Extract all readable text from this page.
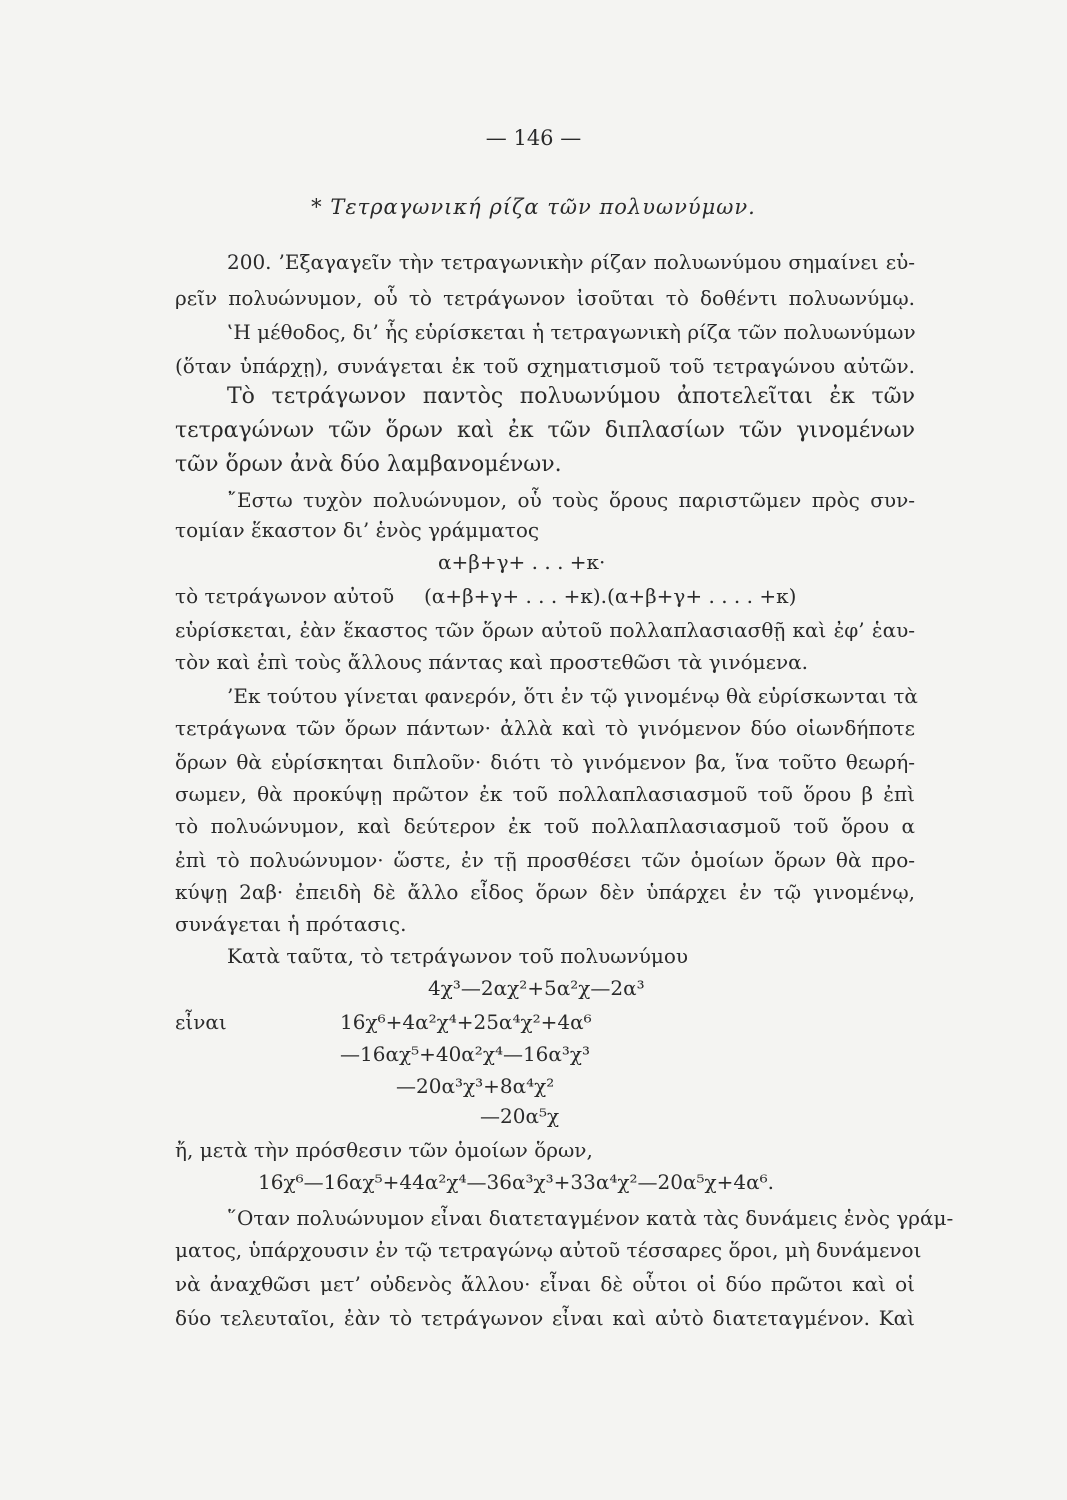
— 146 —
* Τετραγωνική ρίζα τῶν πολυωνύμων.
200. ’Εξαγαγεῖν τὴν τετραγωνικὴν ρίζαν πολυωνύμου σημαίνει εὑ-
ρεῖν πολυώνυμον, οὗ τὸ τετράγωνον ἰσοῦται τὸ δοθέντι πολυωνύμῳ.
‛Η μέθοδος, δι’ ἧς εὑρίσκεται ἡ τετραγωνικὴ ρίζα τῶν πολυωνύμων
(ὅταν ὑπάρχῃ), συνάγεται ἐκ τοῦ σχηματισμοῦ τοῦ τετραγώνου αὐτῶν.
Τὸ τετράγωνον παντὸς πολυωνύμου ἀποτελεῖται ἐκ τῶν
τετραγώνων τῶν ὅρων καὶ ἐκ τῶν διπλασίων τῶν γινομένων
τῶν ὅρων ἀνὰ δύο λαμβανομένων.
῎Εστω τυχὸν πολυώνυμον, οὗ τοὺς ὅρους παριστῶμεν πρὸς συν-
τομίαν ἕκαστον δι’ ἑνὸς γράμματος
α+β+γ+ . . . +κ·
τὸ τετράγωνον αὐτοῦ (α+β+γ+ . . . +κ).(α+β+γ+ . . . . +κ)
εὑρίσκεται, ἐὰν ἕκαστος τῶν ὅρων αὐτοῦ πολλαπλασιασθῇ καὶ ἐφ’ ἑαυ-
τὸν καὶ ἐπὶ τοὺς ἄλλους πάντας καὶ προστεθῶσι τὰ γινόμενα.
’Εκ τούτου γίνεται φανερόν, ὅτι ἐν τῷ γινομένῳ θὰ εὑρίσκωνται τὰ
τετράγωνα τῶν ὅρων πάντων· ἀλλὰ καὶ τὸ γινόμενον δύο οἱωνδήποτε
ὅρων θὰ εὑρίσκηται διπλοῦν· διότι τὸ γινόμενον βα, ἵνα τοῦτο θεωρή-
σωμεν, θὰ προκύψῃ πρῶτον ἐκ τοῦ πολλαπλασιασμοῦ τοῦ ὅρου β ἐπὶ
τὸ πολυώνυμον, καὶ δεύτερον ἐκ τοῦ πολλαπλασιασμοῦ τοῦ ὅρου α
ἐπὶ τὸ πολυώνυμον· ὥστε, ἐν τῇ προσθέσει τῶν ὁμοίων ὅρων θὰ προ-
κύψῃ 2αβ· ἐπειδὴ δὲ ἄλλο εἶδος ὅρων δὲν ὑπάρχει ἐν τῷ γινομένῳ,
συνάγεται ἡ πρότασις.
Κατὰ ταῦτα, τὸ τετράγωνον τοῦ πολυωνύμου
4χ³—2αχ²+5α²χ—2α³
εἶναι	16χ⁶+4α²χ⁴+25α⁴χ²+4α⁶
—16αχ⁵+40α²χ⁴—16α³χ³
—20α³χ³+8α⁴χ²
—20α⁵χ
ἤ, μετὰ τὴν πρόσθεσιν τῶν ὁμοίων ὅρων,
16χ⁶—16αχ⁵+44α²χ⁴—36α³χ³+33α⁴χ²—20α⁵χ+4α⁶.
῞Οταν πολυώνυμον εἶναι διατεταγμένον κατὰ τὰς δυνάμεις ἑνὸς γράμ-
ματος, ὑπάρχουσιν ἐν τῷ τετραγώνῳ αὐτοῦ τέσσαρες ὅροι, μὴ δυνάμενοι
νὰ ἀναχθῶσι μετ’ οὐδενὸς ἄλλου· εἶναι δὲ οὗτοι οἱ δύο πρῶτοι καὶ οἱ
δύο τελευταῖοι, ἐὰν τὸ τετράγωνον εἶναι καὶ αὐτὸ διατεταγμένον. Καὶ
